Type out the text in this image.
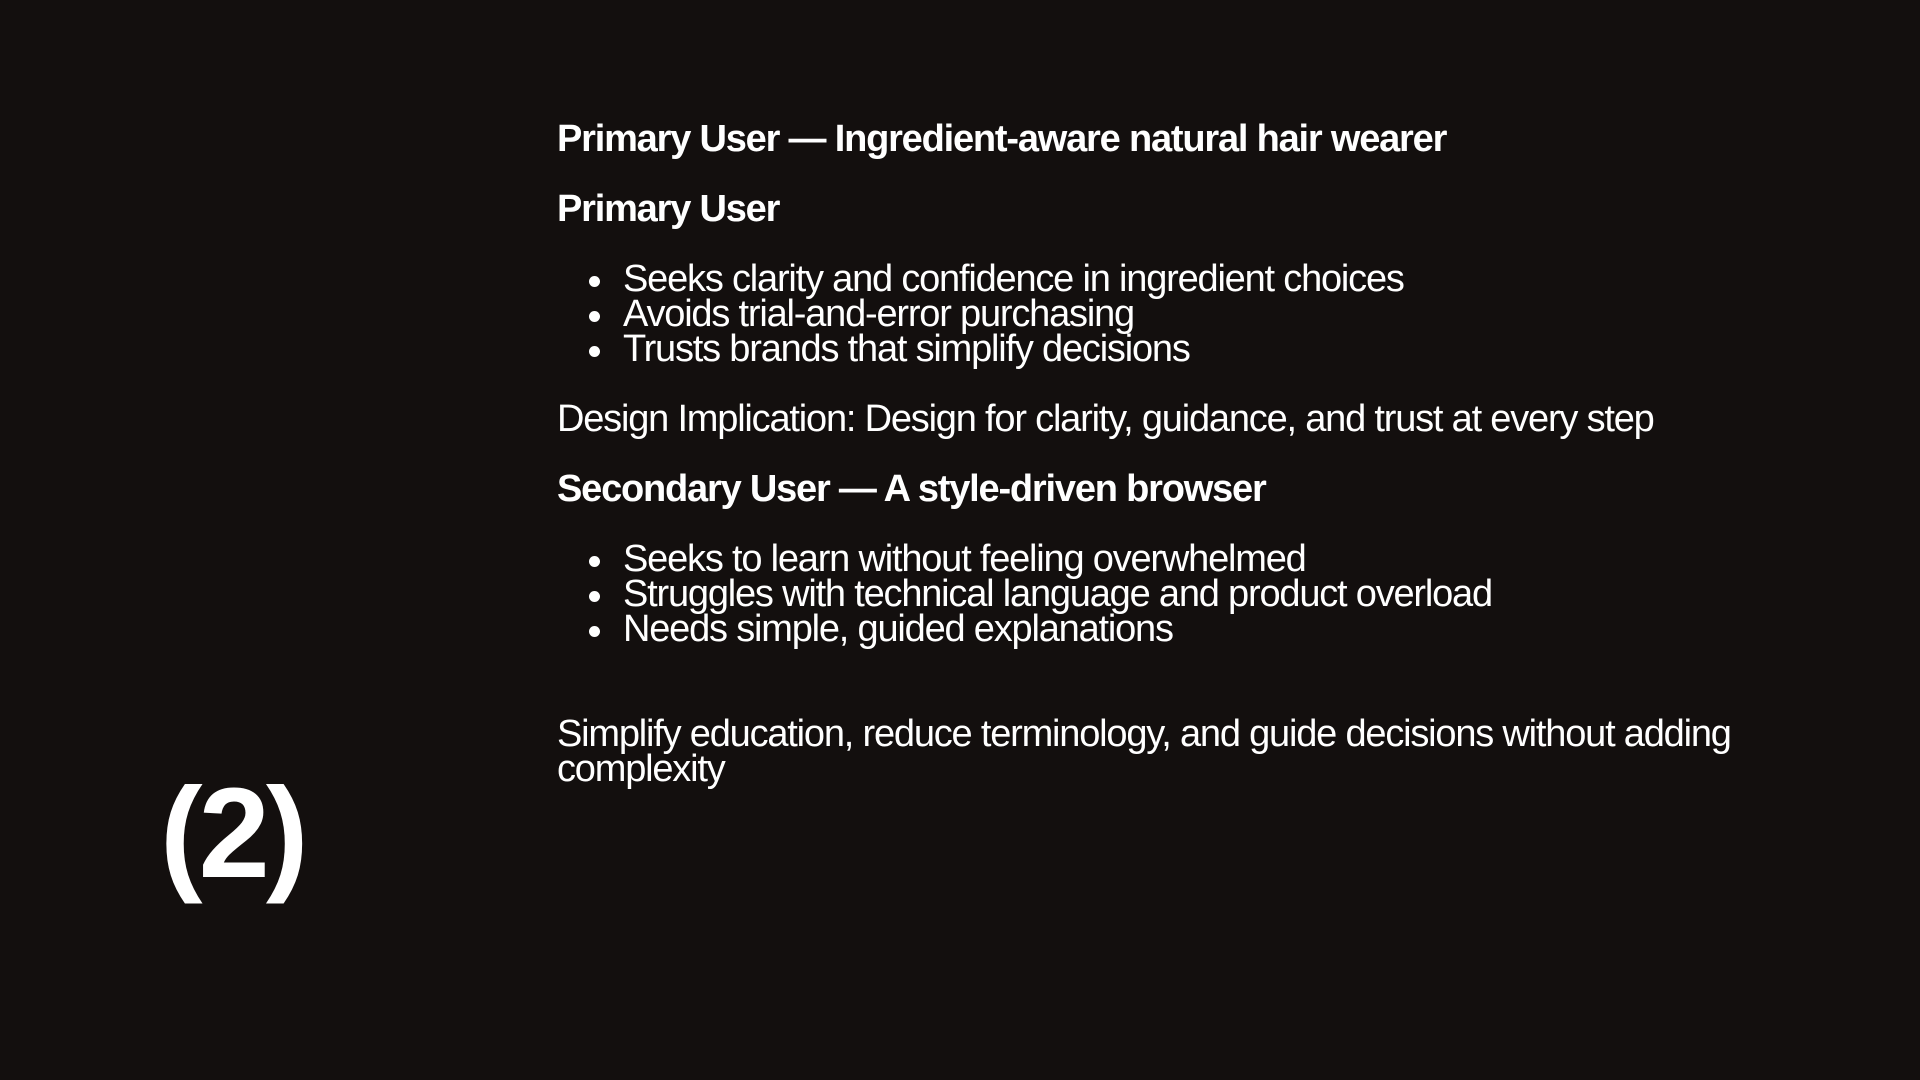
Primary User — Ingredient-aware natural hair wearer
Primary User
Seeks clarity and confidence in ingredient choices
Avoids trial-and-error purchasing
Trusts brands that simplify decisions
Design Implication: Design for clarity, guidance, and trust at every step
Secondary User — A style-driven browser
Seeks to learn without feeling overwhelmed
Struggles with technical language and product overload
Needs simple, guided explanations
Simplify education, reduce terminology, and guide decisions without adding complexity
(2)
